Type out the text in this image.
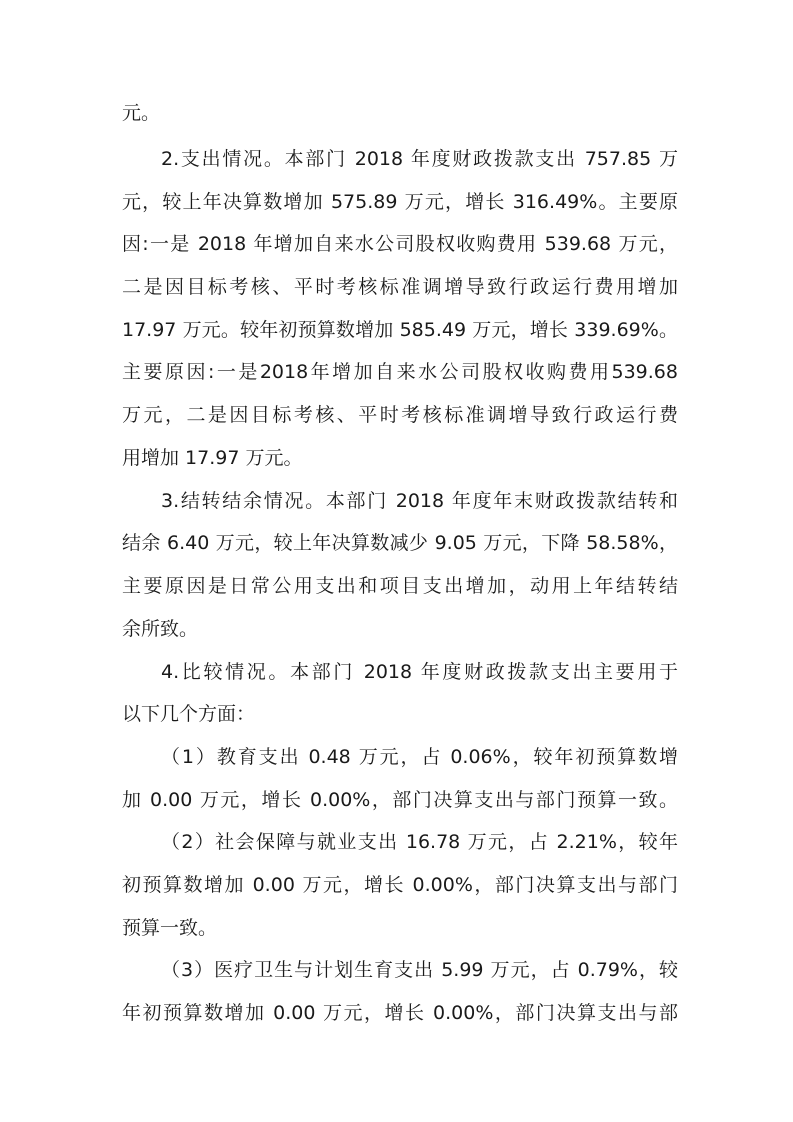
元。
2.支出情况。本部门 2018 年度财政拨款支出 757.85 万
元，较上年决算数增加 575.89 万元，增长 316.49%。主要原
因:一是 2018 年增加自来水公司股权收购费用 539.68 万元，
二是因目标考核、平时考核标准调增导致行政运行费用增加
17.97 万元。较年初预算数增加 585.49 万元，增长 339.69%。
主要原因:一是2018年增加自来水公司股权收购费用539.68
万元，二是因目标考核、平时考核标准调增导致行政运行费
用增加 17.97 万元。
3.结转结余情况。本部门 2018 年度年末财政拨款结转和
结余 6.40 万元，较上年决算数减少 9.05 万元，下降 58.58%，
主要原因是日常公用支出和项目支出增加，动用上年结转结
余所致。
4.比较情况。本部门 2018 年度财政拨款支出主要用于
以下几个方面：
（1）教育支出 0.48 万元，占 0.06%，较年初预算数增
加 0.00 万元，增长 0.00%，部门决算支出与部门预算一致。
（2）社会保障与就业支出 16.78 万元，占 2.21%，较年
初预算数增加 0.00 万元，增长 0.00%，部门决算支出与部门
预算一致。
（3）医疗卫生与计划生育支出 5.99 万元，占 0.79%，较
年初预算数增加 0.00 万元，增长 0.00%，部门决算支出与部
